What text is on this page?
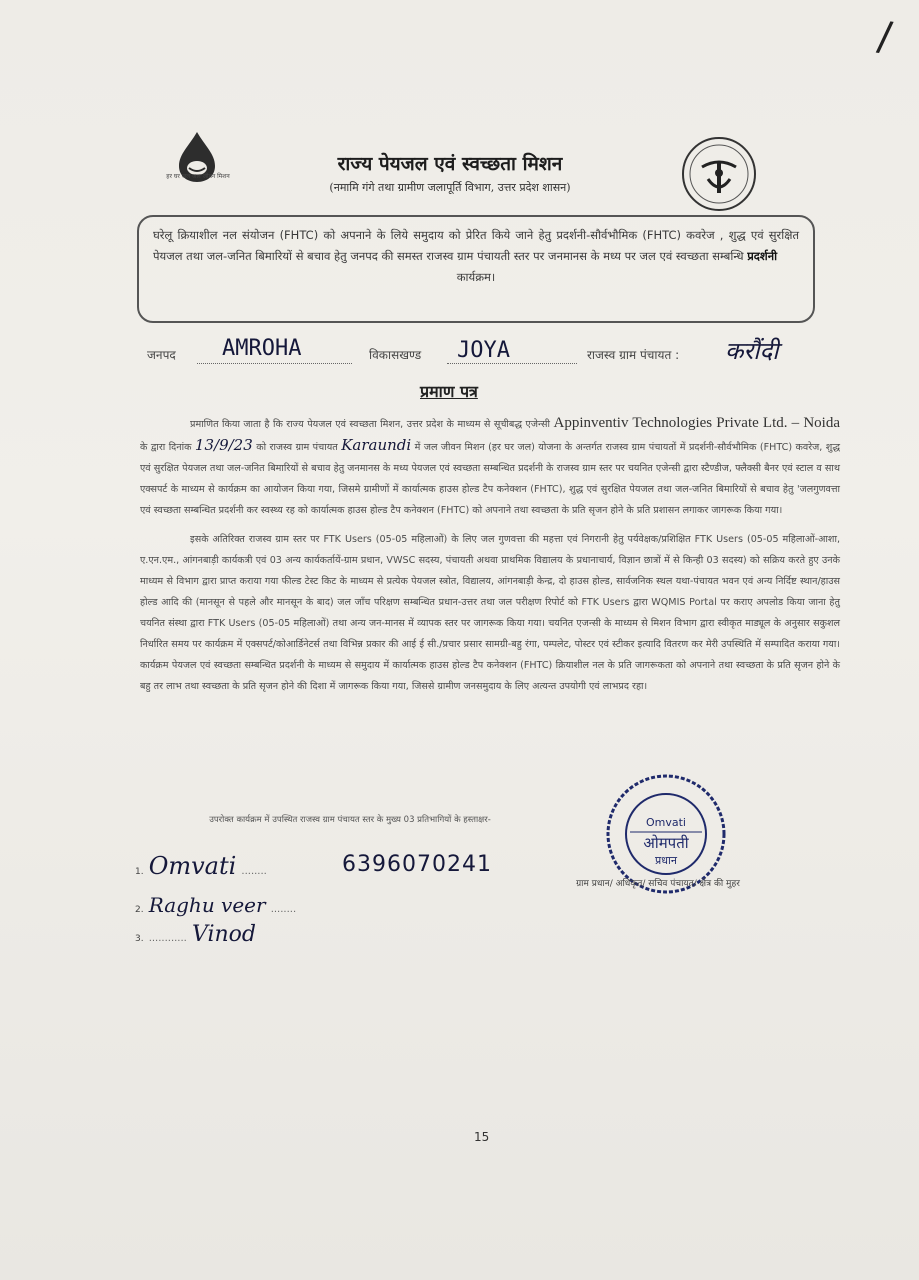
/
हर घर जल जल जीवन मिशन
राज्य पेयजल एवं स्वच्छता मिशन
(नमामि गंगे तथा ग्रामीण जलापूर्ति विभाग, उत्तर प्रदेश शासन)
घरेलू क्रियाशील नल संयोजन (FHTC) को अपनाने के लिये समुदाय को प्रेरित किये जाने हेतु प्रदर्शनी-सौर्वभौमिक (FHTC) कवरेज , शुद्ध एवं सुरक्षित पेयजल तथा जल-जनित बिमारियों से बचाव हेतु जनपद की समस्त राजस्व ग्राम पंचायती स्तर पर जनमानस के मध्य पर जल एवं स्वच्छता सम्बन्धि प्रदर्शनी
कार्यक्रम।
जनपद AMROHA	विकासखण्ड JOYA	राजस्व ग्राम पंचायत : करौंदी
प्रमाण पत्र

प्रमाणित किया जाता है कि राज्य पेयजल एवं स्वच्छता मिशन, उत्तर प्रदेश के माध्यम से सूचीबद्ध एजेन्सी Appinventiv Technologies Private Ltd. – Noida के द्वारा दिनांक 13/9/23 को राजस्व ग्राम पंचायत Karaundi में जल जीवन मिशन (हर घर जल) योजना के अन्तर्गत राजस्व ग्राम पंचायतों में प्रदर्शनी-सौर्वभौमिक (FHTC) कवरेज, शुद्ध एवं सुरक्षित पेयजल तथा जल-जनित बिमारियों से बचाव हेतु जनमानस के मध्य पेयजल एवं स्वच्छता सम्बन्धित प्रदर्शनी के राजस्व ग्राम स्तर पर चयनित एजेन्सी द्वारा स्टैण्डीज, फ्लैक्सी बैनर एवं स्टाल व साथ एक्सपर्ट के माध्यम से कार्यक्रम का आयोजन किया गया, जिसमे ग्रामीणों में कार्यात्मक हाउस होल्ड टैप कनेक्शन (FHTC), शुद्ध एवं सुरक्षित पेयजल तथा जल-जनित बिमारियों से बचाव हेतु 'जलगुणवत्ता एवं स्वच्छता सम्बन्धित प्रदर्शनी कर स्वस्थ्य रह को कार्यात्मक हाउस होल्ड टैप कनेक्शन (FHTC) को अपनाने तथा स्वच्छता के प्रति सृजन होने के प्रति प्रशासन लगाकर जागरूक किया गया।

इसके अतिरिक्त राजस्व ग्राम स्तर पर FTK Users (05-05 महिलाओं) के लिए जल गुणवत्ता की महत्ता एवं निगरानी हेतु पर्यवेक्षक/प्रशिक्षित FTK Users (05-05 महिलाओं-आशा, ए.एन.एम., आंगनबाड़ी कार्यकत्री एवं 03 अन्य कार्यकर्तायें-ग्राम प्रधान, VWSC सदस्य, पंचायती अथवा प्राथमिक विद्यालय के प्रधानाचार्य, विज्ञान छात्रों में से किन्ही 03 सदस्य) को सक्रिय करते हुए उनके माध्यम से विभाग द्वारा प्राप्त कराया गया फील्ड टेस्ट किट के माध्यम से प्रत्येक पेयजल स्त्रोत, विद्यालय, आंगनबाड़ी केन्द्र, दो हाउस होल्ड, सार्वजनिक स्थल यथा-पंचायत भवन एवं अन्य निर्दिष्ट स्थान/हाउस होल्ड आदि की (मानसून से पहले और मानसून के बाद) जल जाँच परिक्षण सम्बन्धित प्रधान-उत्तर तथा जल परीक्षण रिपोर्ट को FTK Users द्वारा WQMIS Portal पर कराए अपलोड किया जाना हेतु चयनित संस्था द्वारा FTK Users (05-05 महिलाओं) तथा अन्य जन-मानस में व्यापक स्तर पर जागरूक किया गया। चयनित एजन्सी के माध्यम से मिशन विभाग द्वारा स्वीकृत माड्यूल के अनुसार सकुशल निर्धारित समय पर कार्यक्रम में एक्सपर्ट/कोआर्डिनेटर्स तथा विभिन्न प्रकार की आई ई सी./प्रचार प्रसार सामग्री-बहु रंगा, पम्पलेट, पोस्टर एवं स्टीकर इत्यादि वितरण कर मेरी उपस्थिति में सम्पादित कराया गया। कार्यक्रम पेयजल एवं स्वच्छता सम्बन्धित प्रदर्शनी के माध्यम से समुदाय में कार्यात्मक हाउस होल्ड टैप कनेक्शन (FHTC) क्रियाशील नल के प्रति जागरूकता को अपनाने तथा स्वच्छता के प्रति सृजन होने के बहु तर लाभ तथा स्वच्छता के प्रति सृजन होने की दिशा में जागरूक किया गया, जिससे ग्रामीण जनसमुदाय के लिए अत्यन्त उपयोगी एवं लाभप्रद रहा।

उपरोक्त कार्यक्रम में उपस्थित राजस्व ग्राम पंचायत स्तर के मुख्य 03 प्रतिभागियों के हस्ताक्षर-
1. Omvati ........	6396070241
2. Raghu veer ........
3. ............ Vinod
Omvati
ओमपती
प्रधान
ग्राम प्रधान/ अधिकृत/ सचिव पंचायत/ क्षेत्र की मुहर
15
